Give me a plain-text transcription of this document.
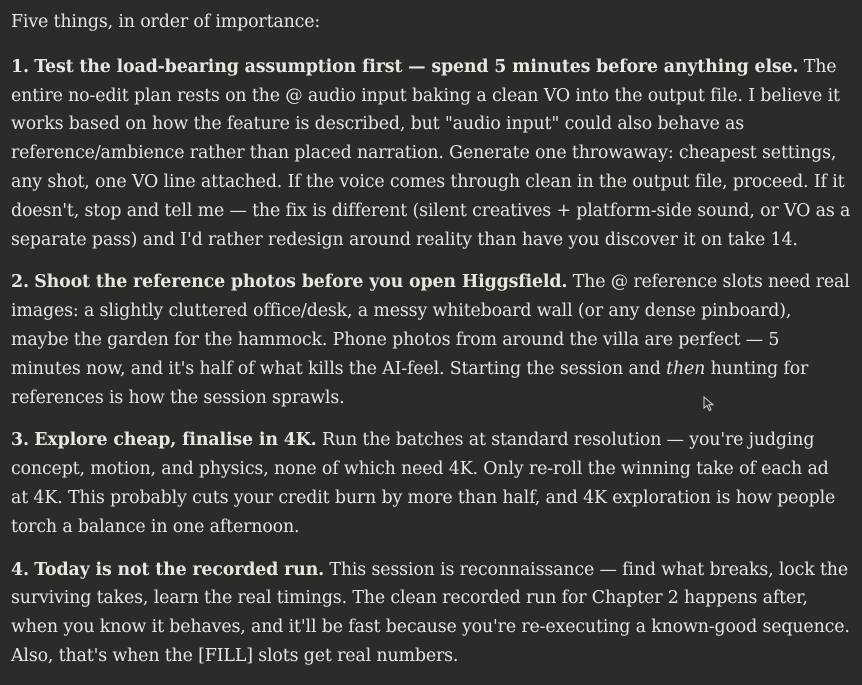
Five things, in order of importance:

1. Test the load-bearing assumption first — spend 5 minutes before anything else. The entire no-edit plan rests on the @ audio input baking a clean VO into the output file. I believe it works based on how the feature is described, but "audio input" could also behave as reference/ambience rather than placed narration. Generate one throwaway: cheapest settings, any shot, one VO line attached. If the voice comes through clean in the output file, proceed. If it doesn't, stop and tell me — the fix is different (silent creatives + platform-side sound, or VO as a separate pass) and I'd rather redesign around reality than have you discover it on take 14.

2. Shoot the reference photos before you open Higgsfield. The @ reference slots need real images: a slightly cluttered office/desk, a messy whiteboard wall (or any dense pinboard), maybe the garden for the hammock. Phone photos from around the villa are perfect — 5 minutes now, and it's half of what kills the AI-feel. Starting the session and then hunting for references is how the session sprawls.

3. Explore cheap, finalise in 4K. Run the batches at standard resolution — you're judging concept, motion, and physics, none of which need 4K. Only re-roll the winning take of each ad at 4K. This probably cuts your credit burn by more than half, and 4K exploration is how people torch a balance in one afternoon.

4. Today is not the recorded run. This session is reconnaissance — find what breaks, lock the surviving takes, learn the real timings. The clean recorded run for Chapter 2 happens after, when you know it behaves, and it'll be fast because you're re-executing a known-good sequence. Also, that's when the [FILL] slots get real numbers.
